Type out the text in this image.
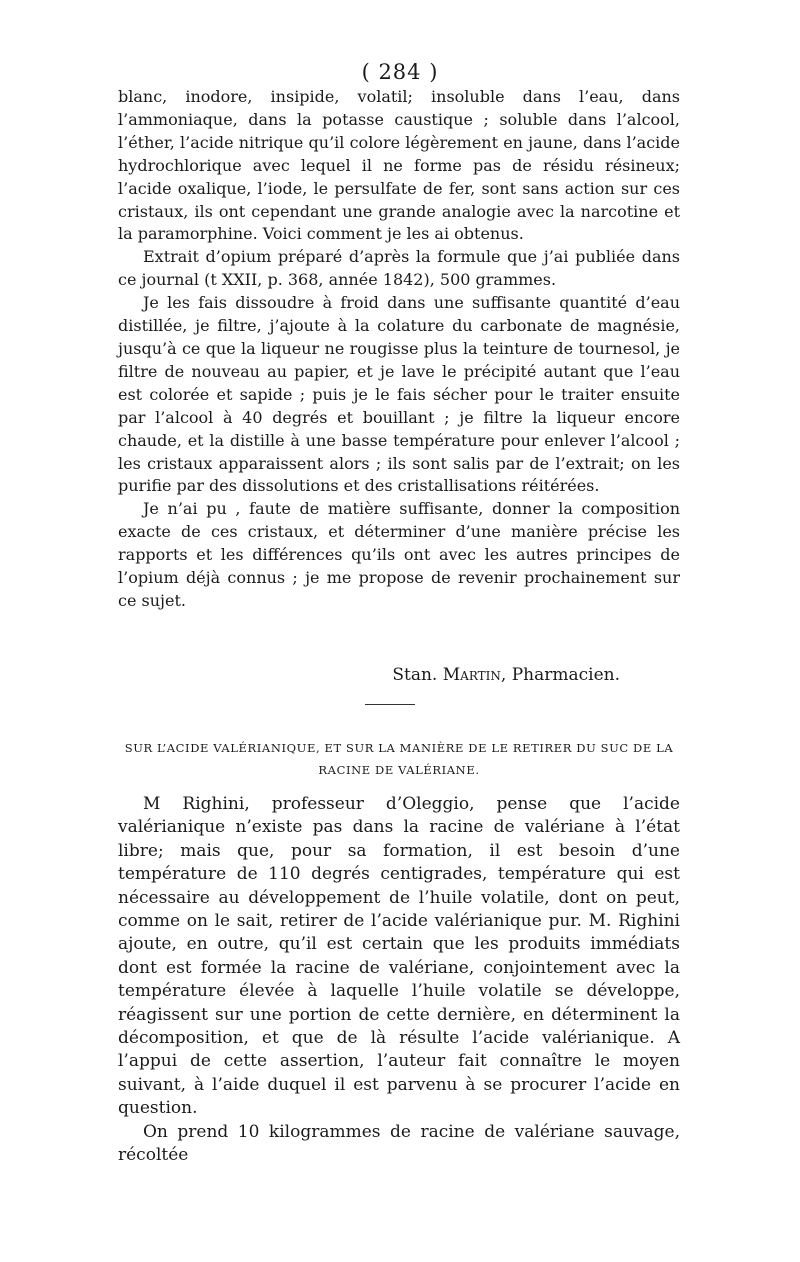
( 284 )

blanc, inodore, insipide, volatil; insoluble dans l’eau, dans l’ammoniaque, dans la potasse caustique ; soluble dans l’alcool, l’éther, l’acide nitrique qu’il colore légèrement en jaune, dans l’acide hydrochlorique avec lequel il ne forme pas de résidu résineux; l’acide oxalique, l’iode, le persulfate de fer, sont sans action sur ces cristaux, ils ont cependant une grande analogie avec la narcotine et la paramorphine. Voici comment je les ai obtenus.

Extrait d’opium préparé d’après la formule que j’ai publiée dans ce journal (t XXII, p. 368, année 1842), 500 grammes.

Je les fais dissoudre à froid dans une suffisante quantité d’eau distillée, je filtre, j’ajoute à la colature du carbonate de magnésie, jusqu’à ce que la liqueur ne rougisse plus la teinture de tournesol, je filtre de nouveau au papier, et je lave le précipité autant que l’eau est colorée et sapide ; puis je le fais sécher pour le traiter ensuite par l’alcool à 40 degrés et bouillant ; je filtre la liqueur encore chaude, et la distille à une basse température pour enlever l’alcool ; les cristaux apparaissent alors ; ils sont salis par de l’extrait; on les purifie par des dissolutions et des cristallisations réitérées.

Je n’ai pu , faute de matière suffisante, donner la composition exacte de ces cristaux, et déterminer d’une manière précise les rapports et les différences qu’ils ont avec les autres principes de l’opium déjà connus ; je me propose de revenir prochainement sur ce sujet.

Stan. Martin, Pharmacien.
SUR L’ACIDE VALÉRIANIQUE, ET SUR LA MANIÈRE DE LE RETIRER DU SUC DE LA RACINE DE VALÉRIANE.

M Righini, professeur d’Oleggio, pense que l’acide valérianique n’existe pas dans la racine de valériane à l’état libre; mais que, pour sa formation, il est besoin d’une température de 110 degrés centigrades, température qui est nécessaire au développement de l’huile volatile, dont on peut, comme on le sait, retirer de l’acide valérianique pur. M. Righini ajoute, en outre, qu’il est certain que les produits immédiats dont est formée la racine de valériane, conjointement avec la température élevée à laquelle l’huile volatile se développe, réagissent sur une portion de cette dernière, en déterminent la décomposition, et que de là résulte l’acide valérianique. A l’appui de cette assertion, l’auteur fait connaître le moyen suivant, à l’aide duquel il est parvenu à se procurer l’acide en question.

On prend 10 kilogrammes de racine de valériane sauvage, récoltée
